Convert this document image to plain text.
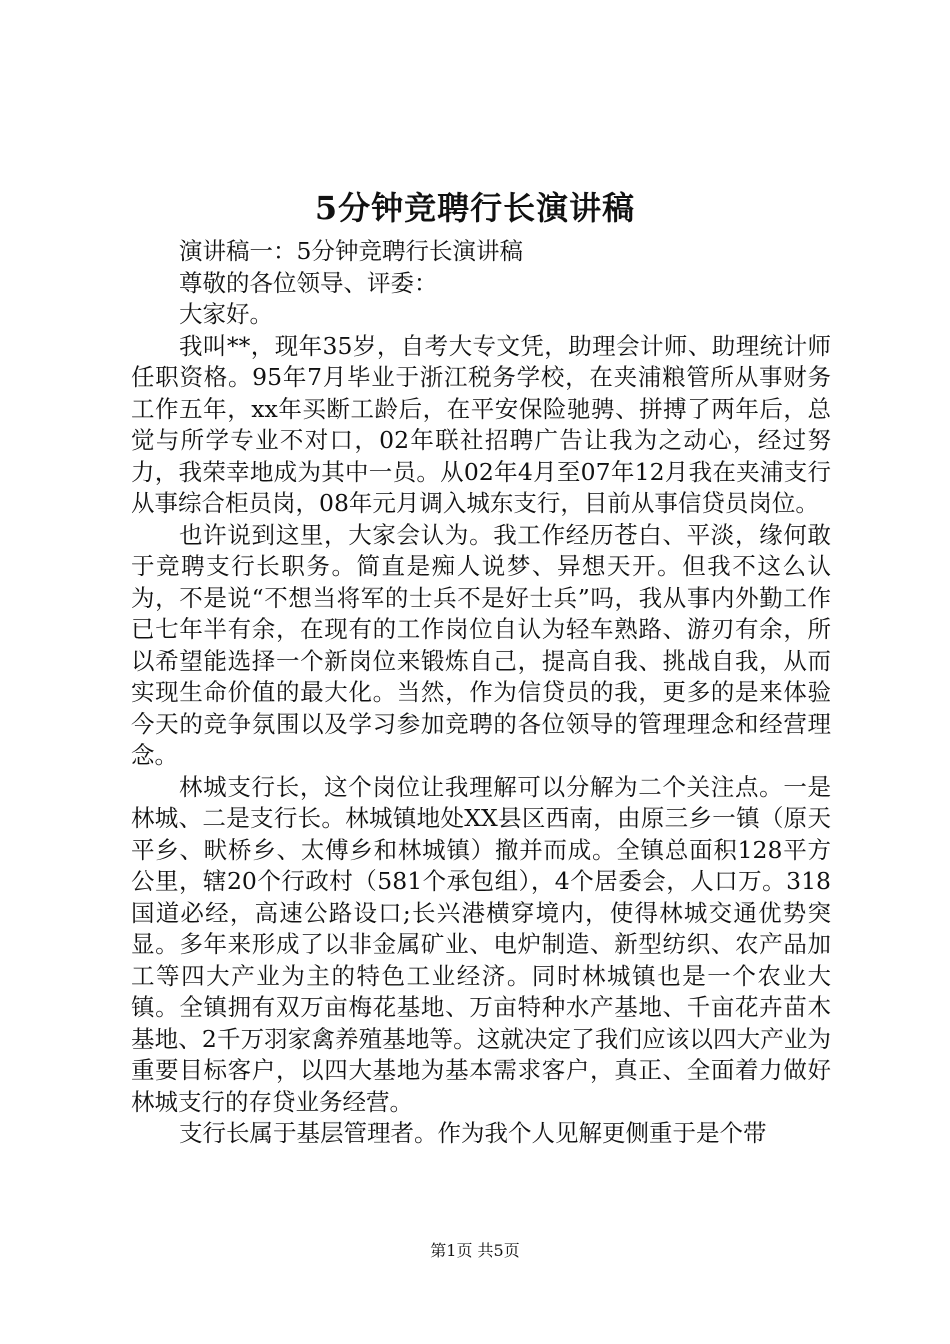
5分钟竞聘行长演讲稿

演讲稿一：5分钟竞聘行长演讲稿

尊敬的各位领导、评委：

大家好。

我叫**，现年35岁，自考大专文凭，助理会计师、助理统计师任职资格。95年7月毕业于浙江税务学校，在夹浦粮管所从事财务工作五年，xx年买断工龄后，在平安保险驰骋、拼搏了两年后，总觉与所学专业不对口，02年联社招聘广告让我为之动心，经过努力，我荣幸地成为其中一员。从02年4月至07年12月我在夹浦支行从事综合柜员岗，08年元月调入城东支行，目前从事信贷员岗位。

也许说到这里，大家会认为。我工作经历苍白、平淡，缘何敢于竞聘支行长职务。简直是痴人说梦、异想天开。但我不这么认为，不是说“不想当将军的士兵不是好士兵”吗，我从事内外勤工作已七年半有余，在现有的工作岗位自认为轻车熟路、游刃有余，所以希望能选择一个新岗位来锻炼自己，提高自我、挑战自我，从而实现生命价值的最大化。当然，作为信贷员的我，更多的是来体验今天的竞争氛围以及学习参加竞聘的各位领导的管理理念和经营理念。

林城支行长，这个岗位让我理解可以分解为二个关注点。一是林城、二是支行长。林城镇地处XX县区西南，由原三乡一镇（原天平乡、畎桥乡、太傅乡和林城镇）撤并而成。全镇总面积128平方公里，辖20个行政村（581个承包组），4个居委会，人口万。318国道必经，高速公路设口;长兴港横穿境内，使得林城交通优势突显。多年来形成了以非金属矿业、电炉制造、新型纺织、农产品加工等四大产业为主的特色工业经济。同时林城镇也是一个农业大镇。全镇拥有双万亩梅花基地、万亩特种水产基地、千亩花卉苗木基地、2千万羽家禽养殖基地等。这就决定了我们应该以四大产业为重要目标客户，以四大基地为基本需求客户，真正、全面着力做好林城支行的存贷业务经营。

支行长属于基层管理者。作为我个人见解更侧重于是个带

第1页 共5页
